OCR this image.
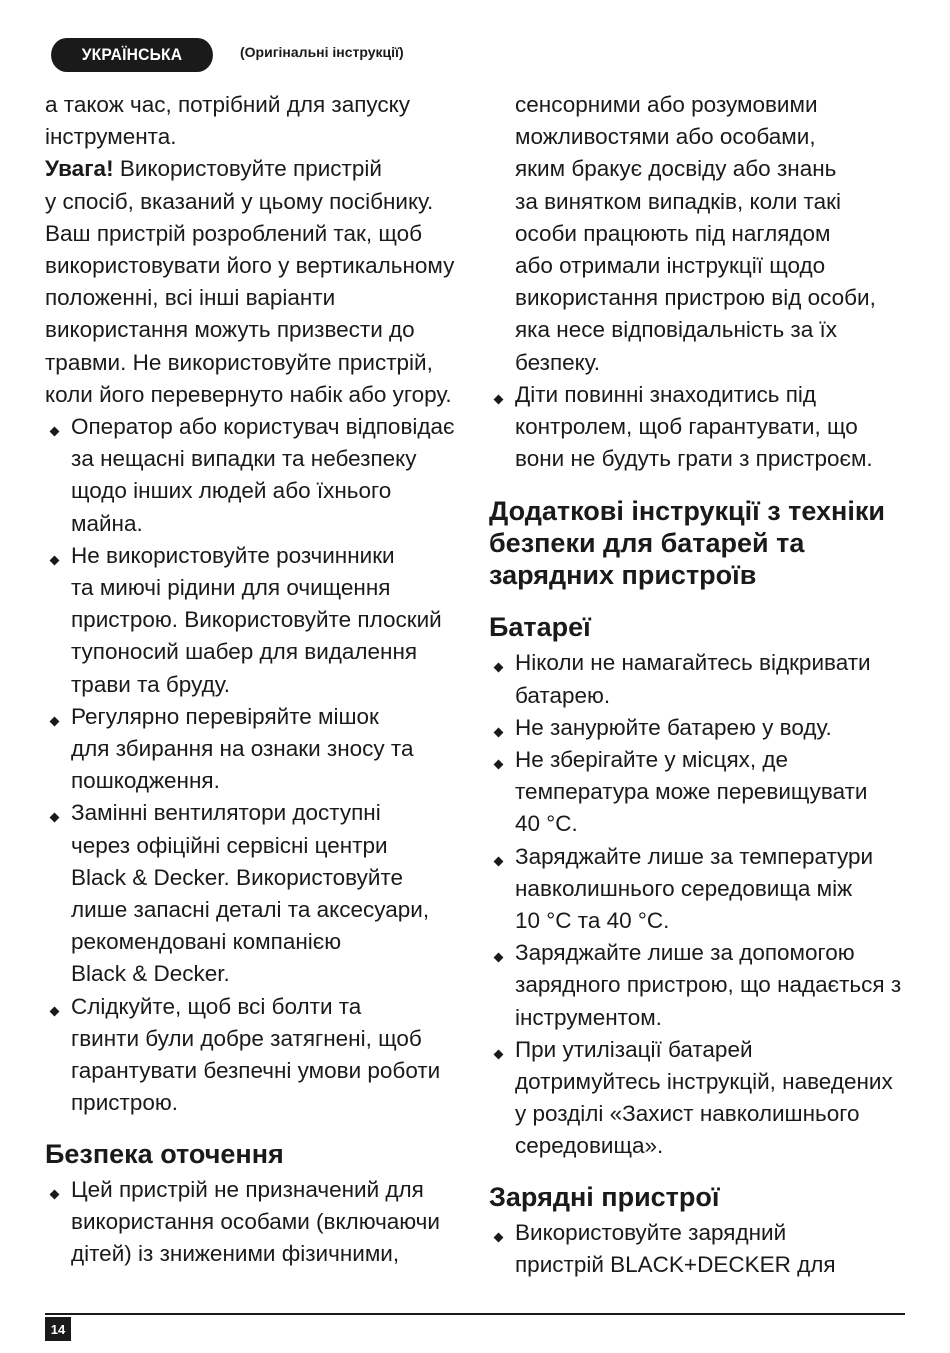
УКРАЇНСЬКА	(Оригінальні інструкції)

а також час, потрібний для запуску
інструмента.

Увага! Використовуйте пристрій
у спосіб, вказаний у цьому посібнику.
Ваш пристрій розроблений так, щоб
використовувати його у вертикальному
положенні, всі інші варіанти
використання можуть призвести до
травми. Не використовуйте пристрій,
коли його перевернуто набік або угору.

Оператор або користувач відповідає
за нещасні випадки та небезпеку
щодо інших людей або їхнього
майна.
Не використовуйте розчинники
та миючі рідини для очищення
пристрою. Використовуйте плоский
тупоносий шабер для видалення
трави та бруду.
Регулярно перевіряйте мішок
для збирання на ознаки зносу та
пошкодження.
Замінні вентилятори доступні
через офіційні сервісні центри
Black & Decker. Використовуйте
лише запасні деталі та аксесуари,
рекомендовані компанією
Black & Decker.
Слідкуйте, щоб всі болти та
гвинти були добре затягнені, щоб
гарантувати безпечні умови роботи
пристрою.
Безпека оточення
Цей пристрій не призначений для
використання особами (включаючи
дітей) із зниженими фізичними,

сенсорними або розумовими
можливостями або особами,
яким бракує досвіду або знань
за винятком випадків, коли такі
особи працюють під наглядом
або отримали інструкції щодо
використання пристрою від особи,
яка несе відповідальність за їх
безпеку.

Діти повинні знаходитись під
контролем, щоб гарантувати, що
вони не будуть грати з пристроєм.
Додаткові інструкції з техніки
безпеки для батарей та
зарядних пристроїв
Батареї
Ніколи не намагайтесь відкривати
батарею.
Не занурюйте батарею у воду.
Не зберігайте у місцях, де
температура може перевищувати
40 °C.
Заряджайте лише за температури
навколишнього середовища між
10 °C та 40 °C.
Заряджайте лише за допомогою
зарядного пристрою, що надається з
інструментом.
При утилізації батарей
дотримуйтесь інструкцій, наведених
у розділі «Захист навколишнього
середовища».
Зарядні пристрої
Використовуйте зарядний
пристрій BLACK+DECKER для
14
